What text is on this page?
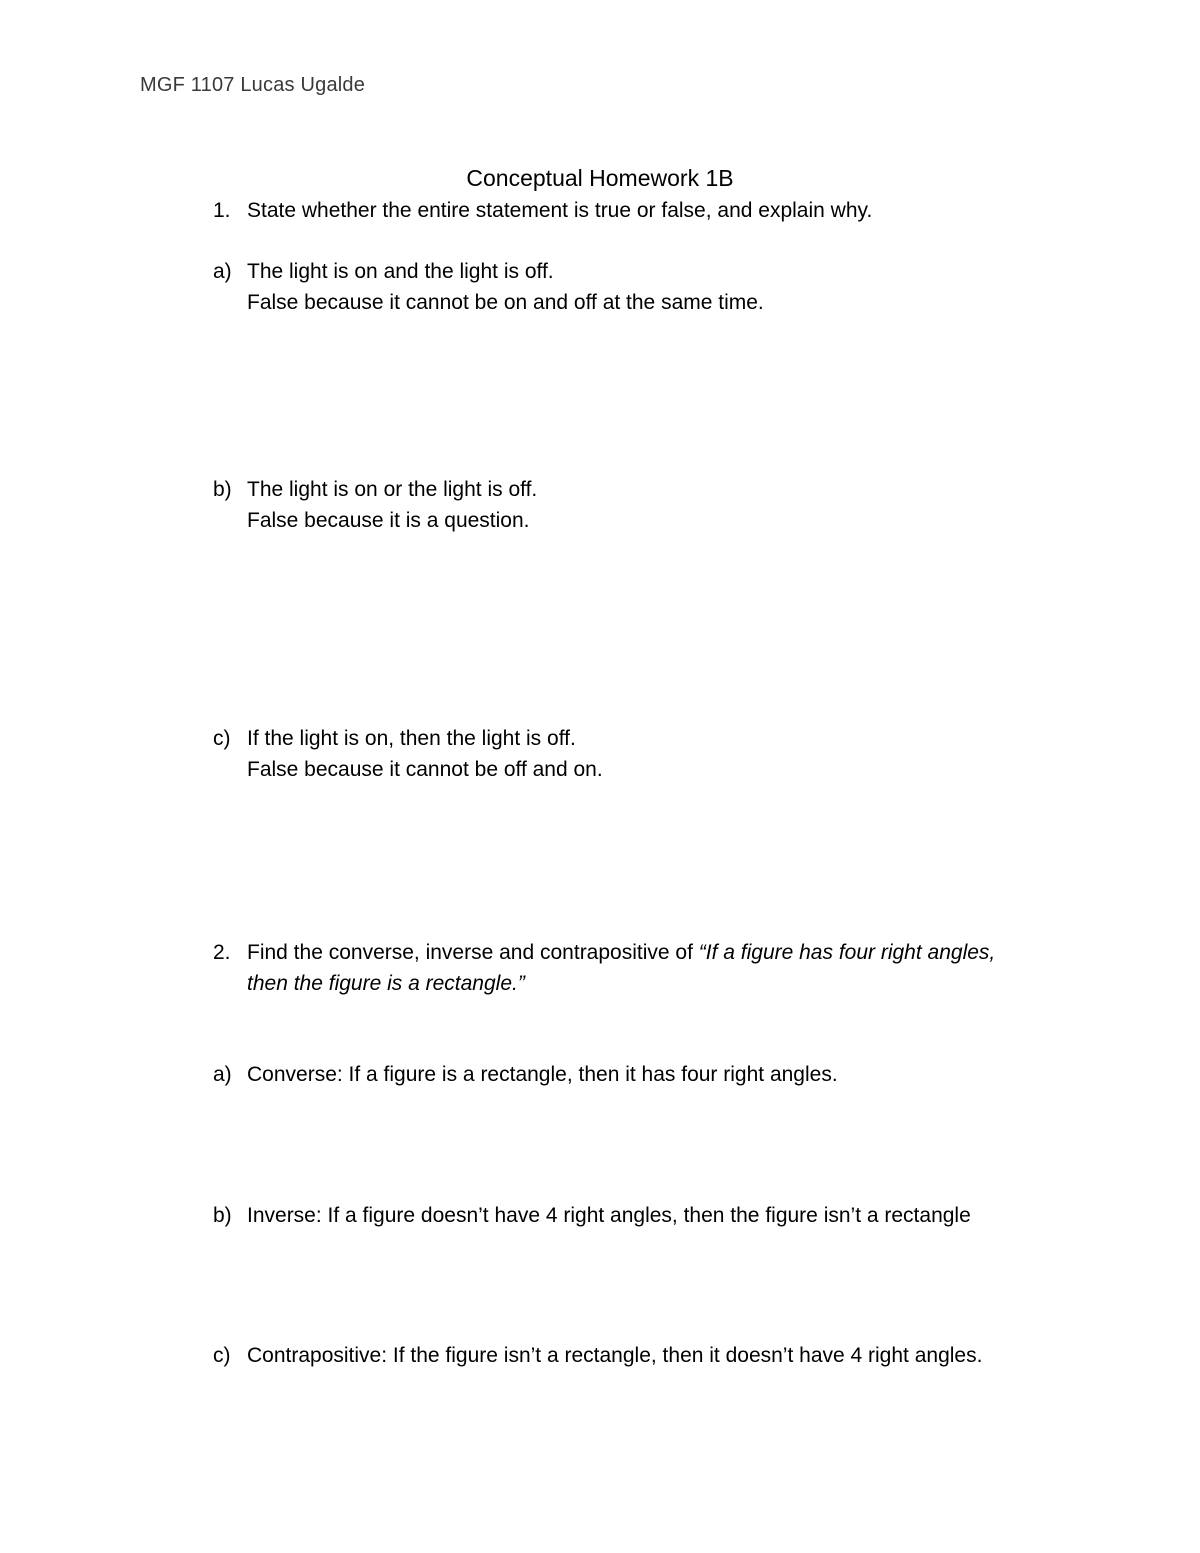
MGF 1107 Lucas Ugalde
Conceptual Homework 1B
1. State whether the entire statement is true or false, and explain why.
a) The light is on and the light is off.
False because it cannot be on and off at the same time.
b) The light is on or the light is off.
False because it is a question.
c) If the light is on, then the light is off.
False because it cannot be off and on.
2. Find the converse, inverse and contrapositive of “If a figure has four right angles,
then the figure is a rectangle.”
a) Converse: If a figure is a rectangle, then it has four right angles.
b) Inverse: If a figure doesn’t have 4 right angles, then the figure isn’t a rectangle
c) Contrapositive: If the figure isn’t a rectangle, then it doesn’t have 4 right angles.
